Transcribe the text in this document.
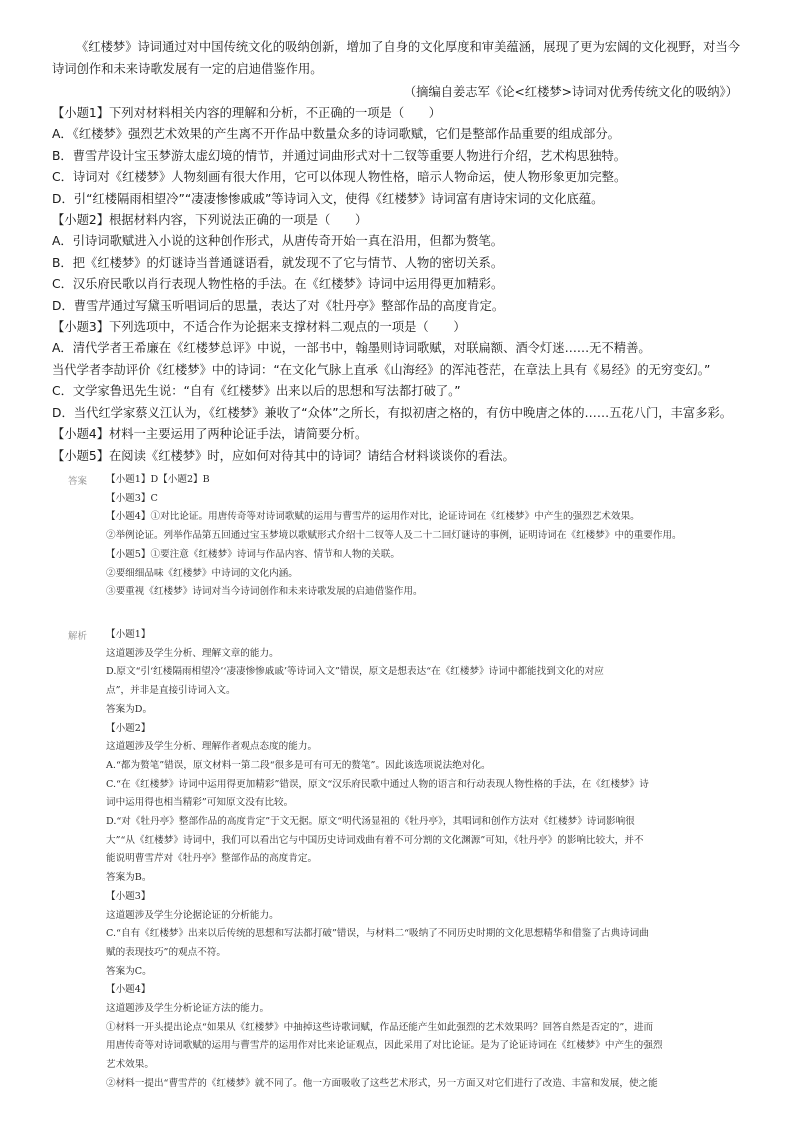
《红楼梦》诗词通过对中国传统文化的吸纳创新，增加了自身的文化厚度和审美蕴涵，展现了更为宏阔的文化视野，对当今诗词创作和未来诗歌发展有一定的启迪借鉴作用。

（摘编自姜志军《论<红楼梦>诗词对优秀传统文化的吸纳》）
【小题1】下列对材料相关内容的理解和分析，不正确的一项是（　　）
A．《红楼梦》强烈艺术效果的产生离不开作品中数量众多的诗词歌赋，它们是整部作品重要的组成部分。
B．曹雪芹设计宝玉梦游太虚幻境的情节，并通过词曲形式对十二钗等重要人物进行介绍，艺术构思独特。
C．诗词对《红楼梦》人物刻画有很大作用，它可以体现人物性格，暗示人物命运，使人物形象更加完整。
D．引“红楼隔雨相望冷”“凄凄惨惨戚戚”等诗词入文，使得《红楼梦》诗词富有唐诗宋词的文化底蕴。
【小题2】根据材料内容，下列说法正确的一项是（　　）
A．引诗词歌赋进入小说的这种创作形式，从唐传奇开始一真在沿用，但都为赘笔。
B．把《红楼梦》的灯谜诗当普通谜语看，就发现不了它与情节、人物的密切关系。
C．汉乐府民歌以肖行表现人物性格的手法。在《红楼梦》诗词中运用得更加精彩。
D．曹雪芹通过写黛玉听唱词后的思量，表达了对《牡丹亭》整部作品的高度肯定。
【小题3】下列选项中，不适合作为论据来支撑材料二观点的一项是（　　）
A．清代学者王希廉在《红楼梦总评》中说，一部书中，翰墨则诗词歌赋，对联扁额、酒令灯迷……无不精善。
当代学者李劼评价《红楼梦》中的诗词：“在文化气脉上直承《山海经》的浑沌苍茫，在章法上具有《易经》的无穷变幻。”
C．文学家鲁迅先生说：“自有《红楼梦》出来以后的思想和写法都打破了。”
D．当代红学家蔡义江认为，《红楼梦》兼收了“众体”之所长，有拟初唐之格的，有仿中晚唐之体的……五花八门，丰富多彩。
【小题4】材料一主要运用了两种论证手法，请简要分析。
【小题5】在阅读《红楼梦》时，应如何对待其中的诗词？请结合材料谈谈你的看法。
答案	【小题1】D【小题2】B
【小题3】C
【小题4】①对比论证。用唐传奇等对诗词歌赋的运用与曹雪芹的运用作对比，论证诗词在《红楼梦》中产生的强烈艺术效果。
②举例论证。列举作品第五回通过宝玉梦境以歌赋形式介绍十二钗等人及二十二回灯谜诗的事例，证明诗词在《红楼梦》中的重要作用。
【小题5】①要注意《红楼梦》诗词与作品内容、情节和人物的关联。
②要细细品味《红楼梦》中诗词的文化内涵。
③要重视《红楼梦》诗词对当今诗词创作和未来诗歌发展的启迪借鉴作用。
解析	【小题1】
这道题涉及学生分析、理解文章的能力。
D.原文“引‘红楼隔雨相望冷’‘凄凄惨惨戚戚’等诗词入文”错误，原文是想表达“在《红楼梦》诗词中都能找到文化的对应
点”，并非是直接引诗词入文。
答案为D。
【小题2】
这道题涉及学生分析、理解作者观点态度的能力。
A.“都为赘笔”错误，原文材料一第二段“很多是可有可无的赘笔”。因此该选项说法绝对化。
C.“在《红楼梦》诗词中运用得更加精彩”错误，原文“汉乐府民歌中通过人物的语言和行动表现人物性格的手法，在《红楼梦》诗
词中运用得也相当精彩”可知原文没有比较。
D.“对《牡丹亭》整部作品的高度肯定”于文无据。原文“明代汤显祖的《牡丹亭》，其唱词和创作方法对《红楼梦》诗词影响很
大”“从《红楼梦》诗词中，我们可以看出它与中国历史诗词戏曲有着不可分割的文化渊源”可知，《牡丹亭》的影响比较大，并不
能说明曹雪芹对《牡丹亭》整部作品的高度肯定。
答案为B。
【小题3】
这道题涉及学生分论据论证的分析能力。
C.“自有《红楼梦》出来以后传统的思想和写法都打破”错误，与材料二“吸纳了不同历史时期的文化思想精华和借鉴了古典诗词曲
赋的表现技巧”的观点不符。
答案为C。
【小题4】
这道题涉及学生分析论证方法的能力。
①材料一开头提出论点“如果从《红楼梦》中抽掉这些诗歌词赋，作品还能产生如此强烈的艺术效果吗？回答自然是否定的”，进而
用唐传奇等对诗词歌赋的运用与曹雪芹的运用作对比来论证观点，因此采用了对比论证。是为了论证诗词在《红楼梦》中产生的强烈
艺术效果。
②材料一提出“曹雪芹的《红楼梦》就不同了。他一方面吸收了这些艺术形式，另一方面又对它们进行了改造、丰富和发展，使之能
